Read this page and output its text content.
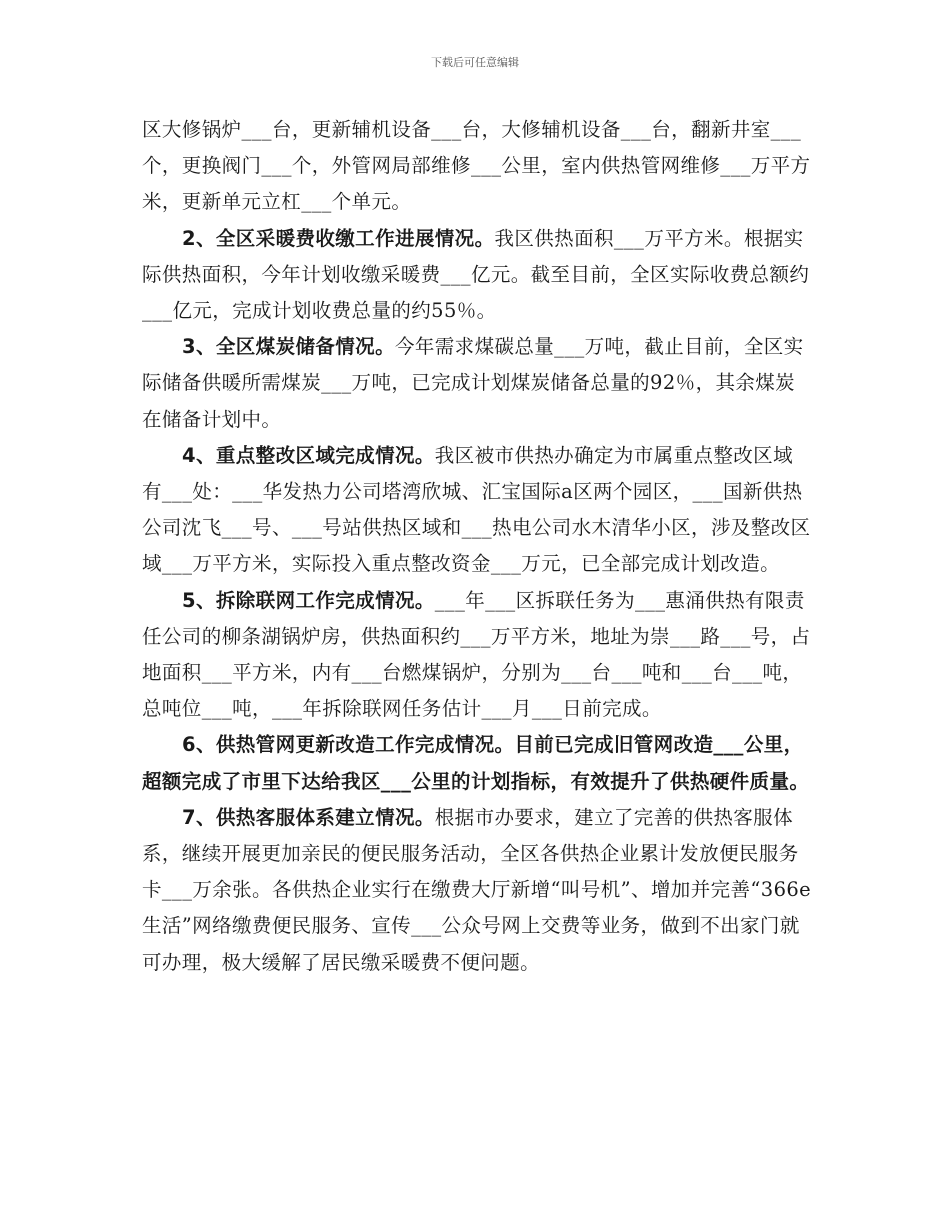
下载后可任意编辑

区大修锅炉___台，更新辅机设备___台，大修辅机设备___台，翻新井室___个，更换阀门___个，外管网局部维修___公里，室内供热管网维修___万平方米，更新单元立杠___个单元。

2、全区采暖费收缴工作进展情况。我区供热面积___万平方米。根据实际供热面积，今年计划收缴采暖费___亿元。截至目前，全区实际收费总额约___亿元，完成计划收费总量的约55％。

3、全区煤炭储备情况。今年需求煤碳总量___万吨，截止目前，全区实际储备供暖所需煤炭___万吨，已完成计划煤炭储备总量的92％，其余煤炭在储备计划中。

4、重点整改区域完成情况。我区被市供热办确定为市属重点整改区域有___处：___华发热力公司塔湾欣城、汇宝国际a区两个园区，___国新供热公司沈飞___号、___号站供热区域和___热电公司水木清华小区，涉及整改区域___万平方米，实际投入重点整改资金___万元，已全部完成计划改造。

5、拆除联网工作完成情况。___年___区拆联任务为___惠涌供热有限责任公司的柳条湖锅炉房，供热面积约___万平方米，地址为崇___路___号，占地面积___平方米，内有___台燃煤锅炉，分别为___台___吨和___台___吨，总吨位___吨，___年拆除联网任务估计___月___日前完成。

6、供热管网更新改造工作完成情况。目前已完成旧管网改造___公里，超额完成了市里下达给我区___公里的计划指标，有效提升了供热硬件质量。

7、供热客服体系建立情况。根据市办要求，建立了完善的供热客服体系，继续开展更加亲民的便民服务活动，全区各供热企业累计发放便民服务卡___万余张。各供热企业实行在缴费大厅新增“叫号机”、增加并完善“366e生活”网络缴费便民服务、宣传___公众号网上交费等业务，做到不出家门就可办理，极大缓解了居民缴采暖费不便问题。
